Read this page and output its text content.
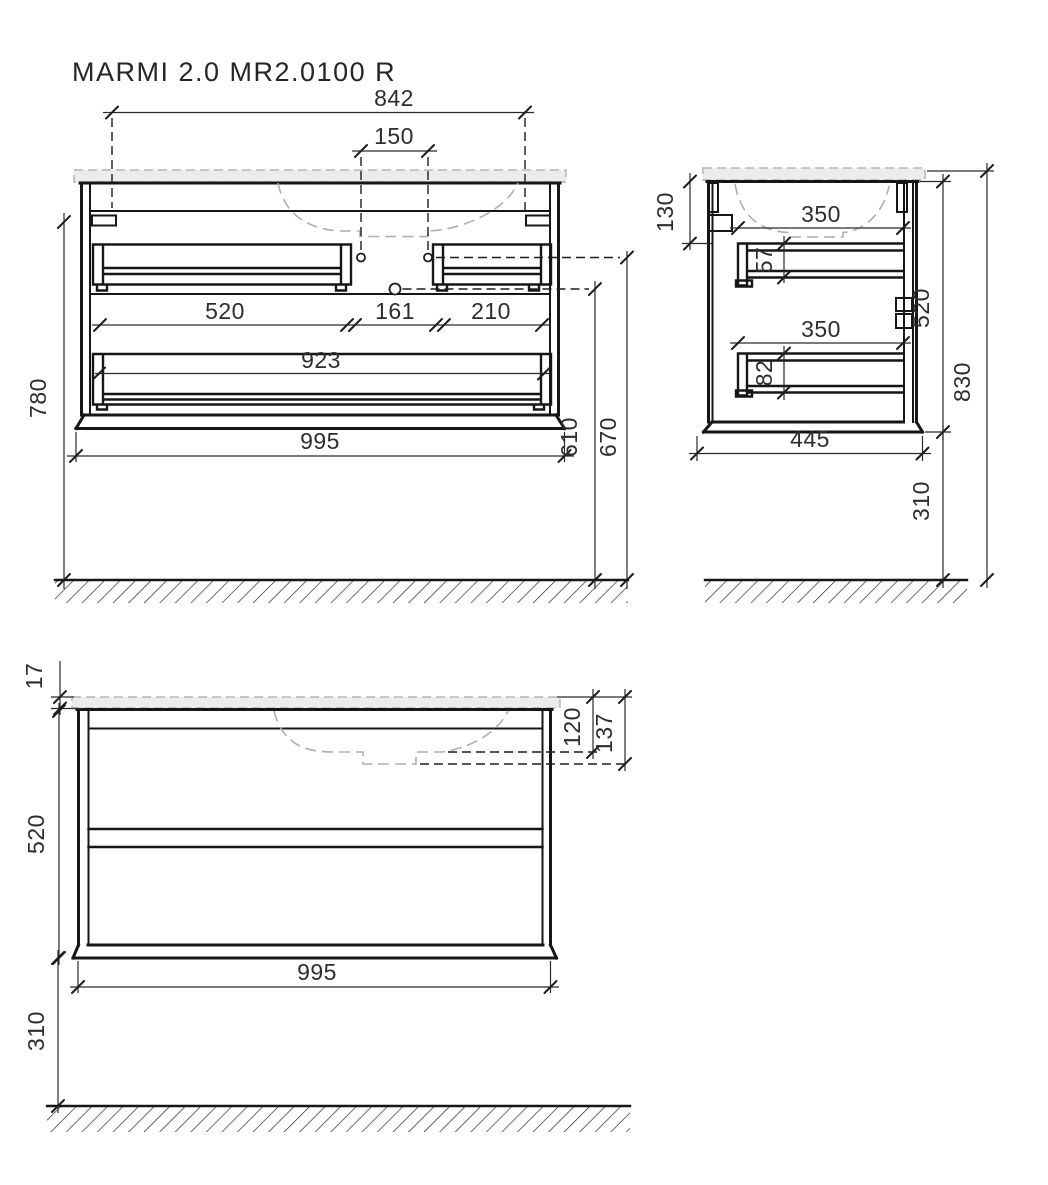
MARMI 2.0 MR2.0100 R
842
150
520	161 210
923
995
780
610 670
130	350
57
350
82
520
310
830
445
17
120 137
520
995
310
